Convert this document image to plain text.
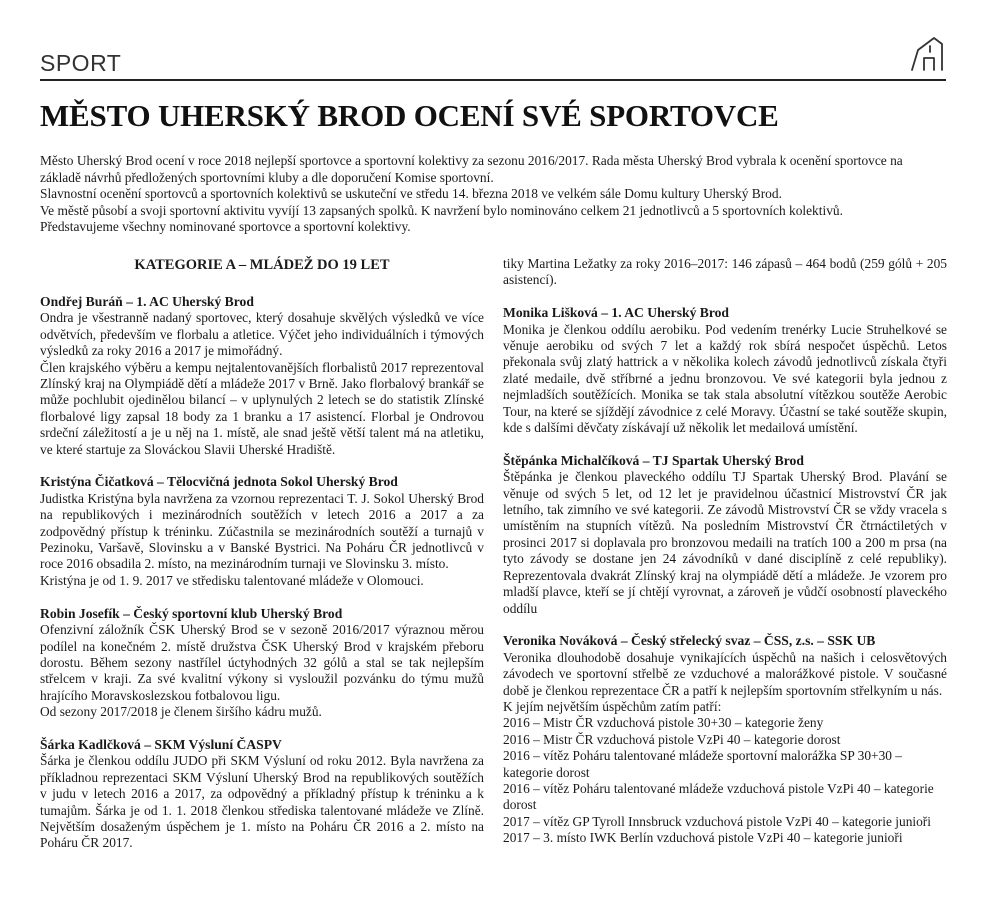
SPORT
MĚSTO UHERSKÝ BROD OCENÍ SVÉ SPORTOVCE

Město Uherský Brod ocení v roce 2018 nejlepší sportovce a sportovní kolektivy za sezonu 2016/2017. Rada města Uherský Brod vybrala k ocenění sportovce na základě návrhů předložených sportovními kluby a dle doporučení Komise sportovní.

Slavnostní ocenění sportovců a sportovních kolektivů se uskuteční ve středu 14. března 2018 ve velkém sále Domu kultury Uherský Brod.

Ve městě působí a svoji sportovní aktivitu vyvíjí 13 zapsaných spolků. K navržení bylo nominováno celkem 21 jednotlivců a 5 sportovních kolektivů.

Představujeme všechny nominované sportovce a sportovní kolektivy.

KATEGORIE A – MLÁDEŽ DO 19 LET
Ondřej Buráň – 1. AC Uherský Brod

Ondra je všestranně nadaný sportovec, který dosahuje skvělých výsledků ve více odvětvích, především ve florbalu a atletice. Výčet jeho individuálních i týmových výsledků za roky 2016 a 2017 je mimořádný.

Člen krajského výběru a kempu nejtalentovanějších florbalistů 2017 reprezentoval Zlínský kraj na Olympiádě dětí a mládeže 2017 v Brně. Jako florbalový brankář se může pochlubit ojedinělou bilancí – v uplynulých 2 letech se do statistik Zlínské florbalové ligy zapsal 18 body za 1 branku a 17 asistencí. Florbal je Ondrovou srdeční záležitostí a je u něj na 1. místě, ale snad ještě větší talent má na atletiku, ve které startuje za Slováckou Slavii Uherské Hradiště.

Kristýna Čičatková – Tělocvičná jednota Sokol Uherský Brod

Judistka Kristýna byla navržena za vzornou reprezentaci T. J. Sokol Uherský Brod na republikových i mezinárodních soutěžích v letech 2016 a 2017 a za zodpovědný přístup k tréninku. Zúčastnila se mezinárodních soutěží a turnajů v Pezinoku, Varšavě, Slovinsku a v Banské Bystrici. Na Poháru ČR jednotlivců v roce 2016 obsadila 2. místo, na mezinárodním turnaji ve Slovinsku 3. místo.

Kristýna je od 1. 9. 2017 ve středisku talentované mládeže v Olomouci.

Robin Josefík – Český sportovní klub Uherský Brod

Ofenzivní záložník ČSK Uherský Brod se v sezoně 2016/2017 výraznou měrou podílel na konečném 2. místě družstva ČSK Uherský Brod v krajském přeboru dorostu. Během sezony nastřílel úctyhodných 32 gólů a stal se tak nejlepším střelcem v kraji. Za své kvalitní výkony si vysloužil pozvánku do týmu mužů hrajícího Moravskoslezskou fotbalovou ligu.

Od sezony 2017/2018 je členem širšího kádru mužů.

Šárka Kadlčková – SKM Výsluní ČASPV

Šárka je členkou oddílu JUDO při SKM Výsluní od roku 2012. Byla navržena za příkladnou reprezentaci SKM Výsluní Uherský Brod na republikových soutěžích v judu v letech 2016 a 2017, za odpovědný a příkladný přístup k tréninku a k tumajům. Šárka je od 1. 1. 2018 členkou střediska talentované mládeže ve Zlíně. Největším dosaženým úspěchem je 1. místo na Poháru ČR 2016 a 2. místo na Poháru ČR 2017.

tiky Martina Ležatky za roky 2016–2017: 146 zápasů – 464 bodů (259 gólů + 205 asistencí).

Monika Lišková – 1. AC Uherský Brod

Monika je členkou oddílu aerobiku. Pod vedením trenérky Lucie Struhelkové se věnuje aerobiku od svých 7 let a každý rok sbírá nespočet úspěchů. Letos překonala svůj zlatý hattrick a v několika kolech závodů jednotlivců získala čtyři zlaté medaile, dvě stříbrné a jednu bronzovou. Ve své kategorii byla jednou z nejmladších soutěžících. Monika se tak stala absolutní vítězkou soutěže Aerobic Tour, na které se sjíždějí závodnice z celé Moravy. Účastní se také soutěže skupin, kde s dalšími děvčaty získávají už několik let medailová umístění.

Štěpánka Michalčíková – TJ Spartak Uherský Brod

Štěpánka je členkou plaveckého oddílu TJ Spartak Uherský Brod. Plavání se věnuje od svých 5 let, od 12 let je pravidelnou účastnicí Mistrovství ČR jak letního, tak zimního ve své kategorii. Ze závodů Mistrovství ČR se vždy vracela s umístěním na stupních vítězů. Na posledním Mistrovství ČR čtrnáctiletých v prosinci 2017 si doplavala pro bronzovou medaili na tratích 100 a 200 m prsa (na tyto závody se dostane jen 24 závodníků v dané disciplíně z celé republiky). Reprezentovala dvakrát Zlínský kraj na olympiádě dětí a mládeže. Je vzorem pro mladší plavce, kteří se jí chtějí vyrovnat, a zároveň je vůdčí osobností plaveckého oddílu

Veronika Nováková – Český střelecký svaz – ČSS, z.s. – SSK UB

Veronika dlouhodobě dosahuje vynikajících úspěchů na našich i celosvětových závodech ve sportovní střelbě ze vzduchové a malorážkové pistole. V současné době je členkou reprezentace ČR a patří k nejlepším sportovním střelkyním u nás.

K jejím největším úspěchům zatím patří:

2016 – Mistr ČR vzduchová pistole 30+30 – kategorie ženy
2016 – Mistr ČR vzduchová pistole VzPi 40 – kategorie dorost
2016 – vítěz Poháru talentované mládeže sportovní malorážka SP 30+30 – kategorie dorost
2016 – vítěz Poháru talentované mládeže vzduchová pistole VzPi 40 – kategorie dorost
2017 – vítěz GP Tyroll Innsbruck vzduchová pistole VzPi 40 – kategorie junioři
2017 – 3. místo IWK Berlín vzduchová pistole VzPi 40 – kategorie junioři
